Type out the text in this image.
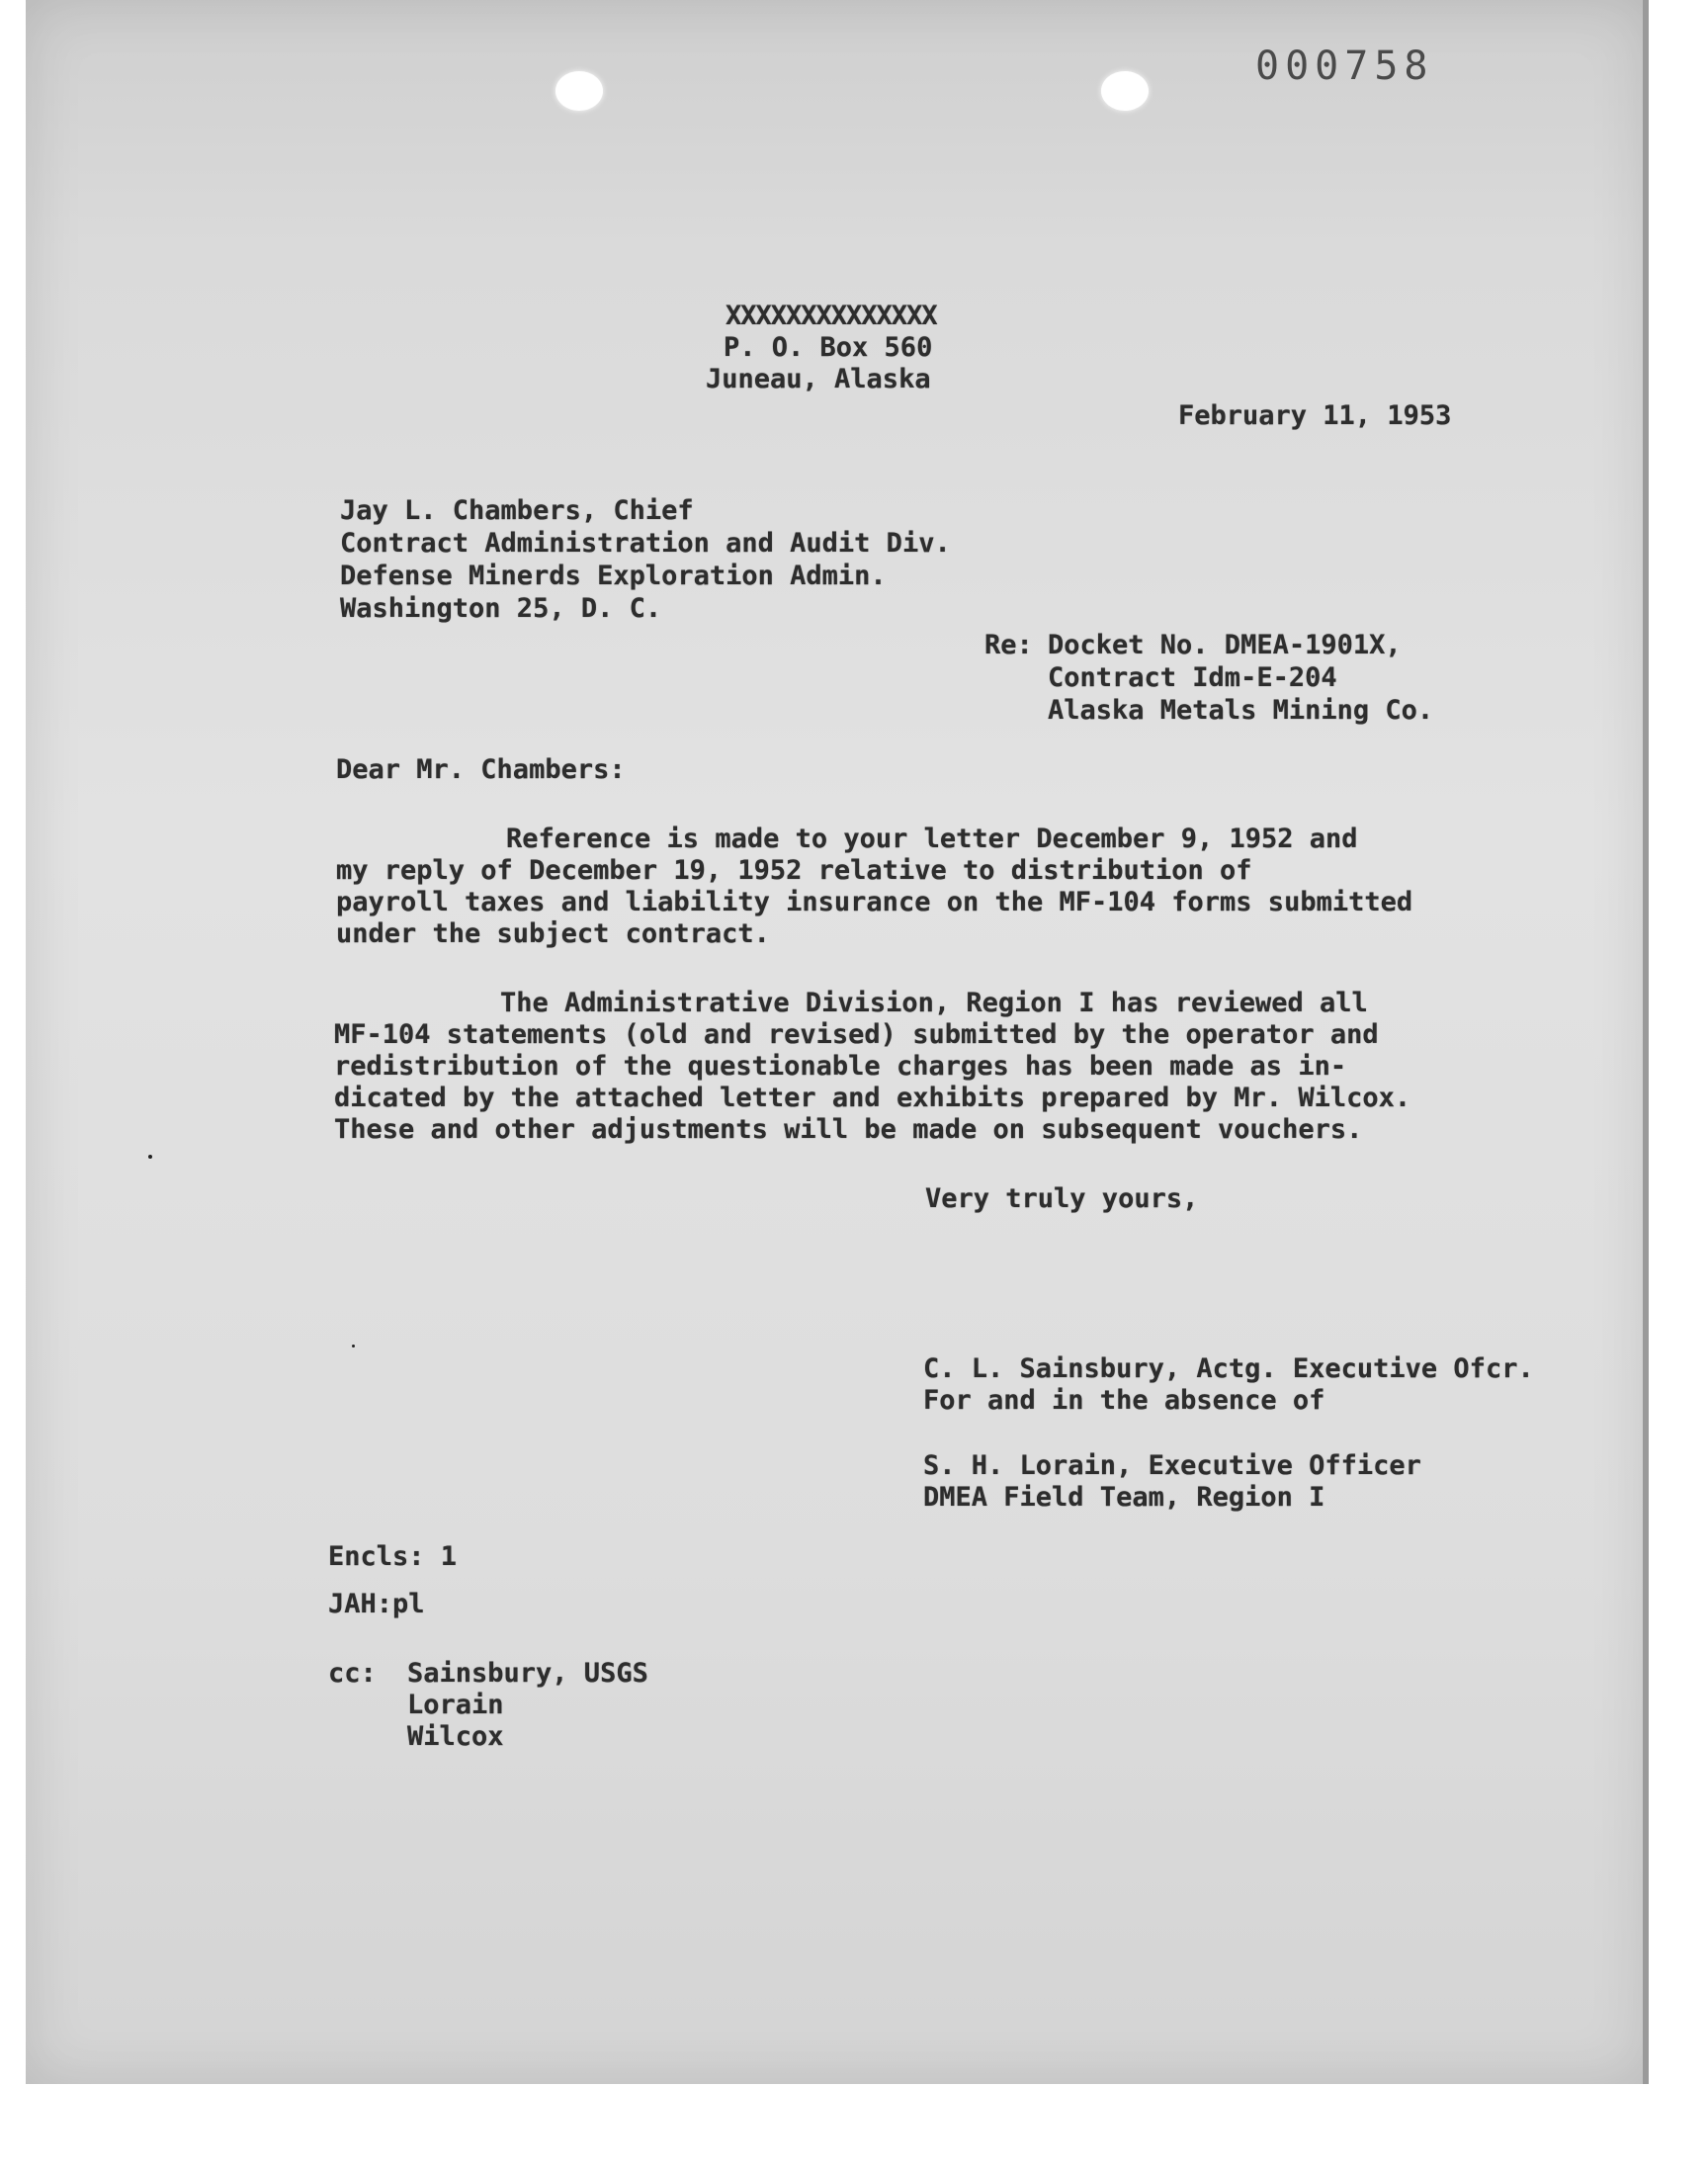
000758
XXXXXXXXXXXXXX
P. O. Box 560
Juneau, Alaska
February 11, 1953
Jay L. Chambers, Chief
Contract Administration and Audit Div.
Defense Minerds Exploration Admin.
Washington 25, D. C.
Re: Docket No. DMEA-1901X,
Contract Idm-E-204
Alaska Metals Mining Co.
Dear Mr. Chambers:
Reference is made to your letter December 9, 1952 and
my reply of December 19, 1952 relative to distribution of
payroll taxes and liability insurance on the MF-104 forms submitted
under the subject contract.
The Administrative Division, Region I has reviewed all
MF-104 statements (old and revised) submitted by the operator and
redistribution of the questionable charges has been made as in-
dicated by the attached letter and exhibits prepared by Mr. Wilcox.
These and other adjustments will be made on subsequent vouchers.
Very truly yours,
C. L. Sainsbury, Actg. Executive Ofcr.
For and in the absence of
S. H. Lorain, Executive Officer
DMEA Field Team, Region I
Encls: 1
JAH:pl
cc: Sainsbury, USGS
Lorain
Wilcox
